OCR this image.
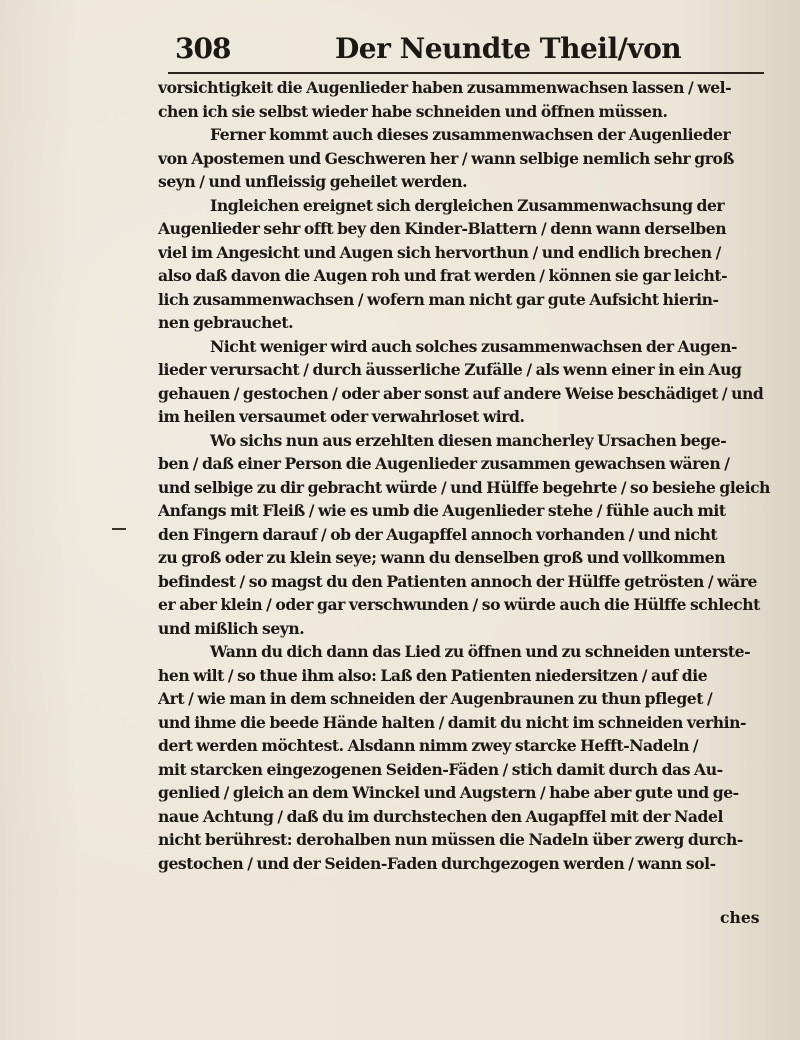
308	Der Neundte Theil/von
vorsichtigkeit die Augenlieder haben zusammenwachsen lassen / wel-
chen ich sie selbst wieder habe schneiden und öffnen müssen.
Ferner kommt auch dieses zusammenwachsen der Augenlieder
von Apostemen und Geschweren her / wann selbige nemlich sehr groß
seyn / und unfleissig geheilet werden.
Ingleichen ereignet sich dergleichen Zusammenwachsung der
Augenlieder sehr offt bey den Kinder-Blattern / denn wann derselben
viel im Angesicht und Augen sich hervorthun / und endlich brechen /
also daß davon die Augen roh und frat werden / können sie gar leicht-
lich zusammenwachsen / wofern man nicht gar gute Aufsicht hierin-
nen gebrauchet.
Nicht weniger wird auch solches zusammenwachsen der Augen-
lieder verursacht / durch äusserliche Zufälle / als wenn einer in ein Aug
gehauen / gestochen / oder aber sonst auf andere Weise beschädiget / und
im heilen versaumet oder verwahrloset wird.
Wo sichs nun aus erzehlten diesen mancherley Ursachen bege-
ben / daß einer Person die Augenlieder zusammen gewachsen wären /
und selbige zu dir gebracht würde / und Hülffe begehrte / so besiehe gleich
Anfangs mit Fleiß / wie es umb die Augenlieder stehe / fühle auch mit
den Fingern darauf / ob der Augapffel annoch vorhanden / und nicht
zu groß oder zu klein seye; wann du denselben groß und vollkommen
befindest / so magst du den Patienten annoch der Hülffe getrösten / wäre
er aber klein / oder gar verschwunden / so würde auch die Hülffe schlecht
und mißlich seyn.
Wann du dich dann das Lied zu öffnen und zu schneiden unterste-
hen wilt / so thue ihm also: Laß den Patienten niedersitzen / auf die
Art / wie man in dem schneiden der Augenbraunen zu thun pfleget /
und ihme die beede Hände halten / damit du nicht im schneiden verhin-
dert werden möchtest. Alsdann nimm zwey starcke Hefft-Nadeln /
mit starcken eingezogenen Seiden-Fäden / stich damit durch das Au-
genlied / gleich an dem Winckel und Augstern / habe aber gute und ge-
naue Achtung / daß du im durchstechen den Augapffel mit der Nadel
nicht berührest: derohalben nun müssen die Nadeln über zwerg durch-
gestochen / und der Seiden-Faden durchgezogen werden / wann sol-
ches
